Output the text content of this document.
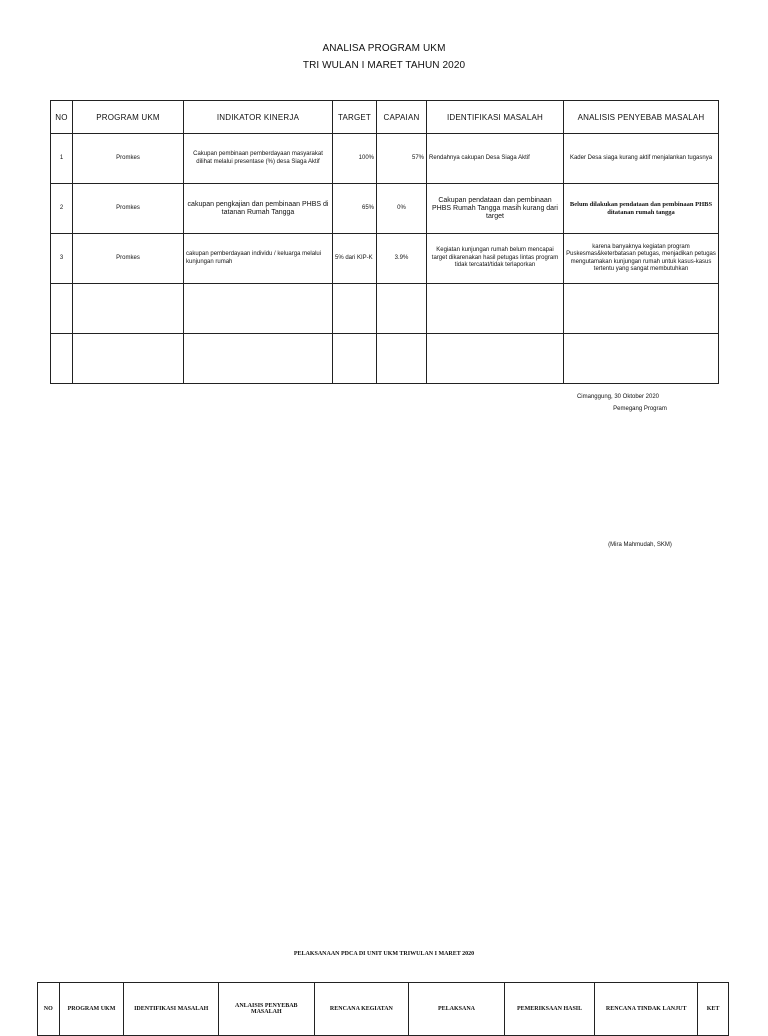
ANALISA PROGRAM UKM
TRI WULAN I MARET TAHUN 2020
NO	PROGRAM UKM	INDIKATOR KINERJA	TARGET	CAPAIAN	IDENTIFIKASI MASALAH	ANALISIS PENYEBAB MASALAH
1	Promkes	Cakupan pembinaan pemberdayaan masyarakat dilihat melalui presentase (%) desa Siaga Aktif	100%	57%	Rendahnya cakupan Desa Siaga Aktif	Kader Desa siaga kurang aktif menjalankan tugasnya
2	Promkes	cakupan pengkajian dan pembinaan PHBS di tatanan Rumah Tangga	65%	0%	Cakupan pendataan dan pembinaan PHBS Rumah Tangga masih kurang dari target	Belum dilakukan pendataan dan pembinaan PHBS ditatanan rumah tangga
3	Promkes	cakupan pemberdayaan individu / keluarga melalui kunjungan rumah	5% dari KIP-K	3.9%	Kegiatan kunjungan rumah belum mencapai target dikarenakan hasil petugas lintas program tidak tercatat/tidak terlaporkan	karena banyaknya kegiatan program Puskesmas&keterbatasan petugas, menjadikan petugas mengutamakan kunjungan rumah untuk kasus-kasus tertentu yang sangat membutuhkan

Cimanggung, 30 Oktober 2020
Pemegang Program
(Mira Mahmudah, SKM)
PELAKSANAAN PDCA DI UNIT UKM TRIWULAN I MARET 2020
NO	PROGRAM UKM	IDENTIFIKASI MASALAH	ANLAISIS PENYEBAB MASALAH	RENCANA KEGIATAN	PELAKSANA	PEMERIKSAAN HASIL	RENCANA TINDAK LANJUT	KET
